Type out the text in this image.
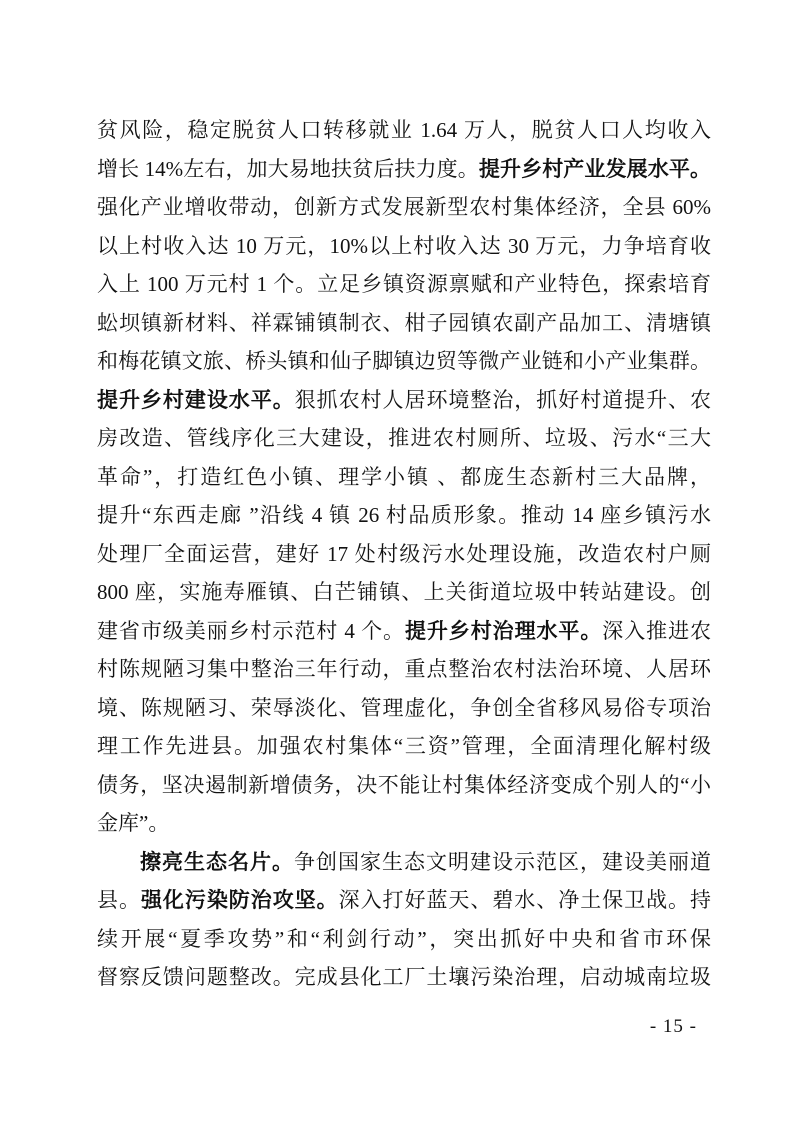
贫风险，稳定脱贫人口转移就业 1.64 万人，脱贫人口人均收入
增长 14%左右，加大易地扶贫后扶力度。提升乡村产业发展水平。
强化产业增收带动，创新方式发展新型农村集体经济，全县 60%
以上村收入达 10 万元，10%以上村收入达 30 万元，力争培育收
入上 100 万元村 1 个。立足乡镇资源禀赋和产业特色，探索培育
蚣坝镇新材料、祥霖铺镇制衣、柑子园镇农副产品加工、清塘镇
和梅花镇文旅、桥头镇和仙子脚镇边贸等微产业链和小产业集群。
提升乡村建设水平。狠抓农村人居环境整治，抓好村道提升、农
房改造、管线序化三大建设，推进农村厕所、垃圾、污水“三大
革命”，打造红色小镇、理学小镇 、都庞生态新村三大品牌，
提升“东西走廊 ”沿线 4 镇 26 村品质形象。推动 14 座乡镇污水
处理厂全面运营，建好 17 处村级污水处理设施，改造农村户厕
800 座，实施寿雁镇、白芒铺镇、上关街道垃圾中转站建设。创
建省市级美丽乡村示范村 4 个。提升乡村治理水平。深入推进农
村陈规陋习集中整治三年行动，重点整治农村法治环境、人居环
境、陈规陋习、荣辱淡化、管理虚化，争创全省移风易俗专项治
理工作先进县。加强农村集体“三资”管理，全面清理化解村级
债务，坚决遏制新增债务，决不能让村集体经济变成个别人的“小
金库”。
擦亮生态名片。争创国家生态文明建设示范区，建设美丽道
县。强化污染防治攻坚。深入打好蓝天、碧水、净土保卫战。持
续开展“夏季攻势”和“利剑行动”，突出抓好中央和省市环保
督察反馈问题整改。完成县化工厂土壤污染治理，启动城南垃圾
- 15 -
